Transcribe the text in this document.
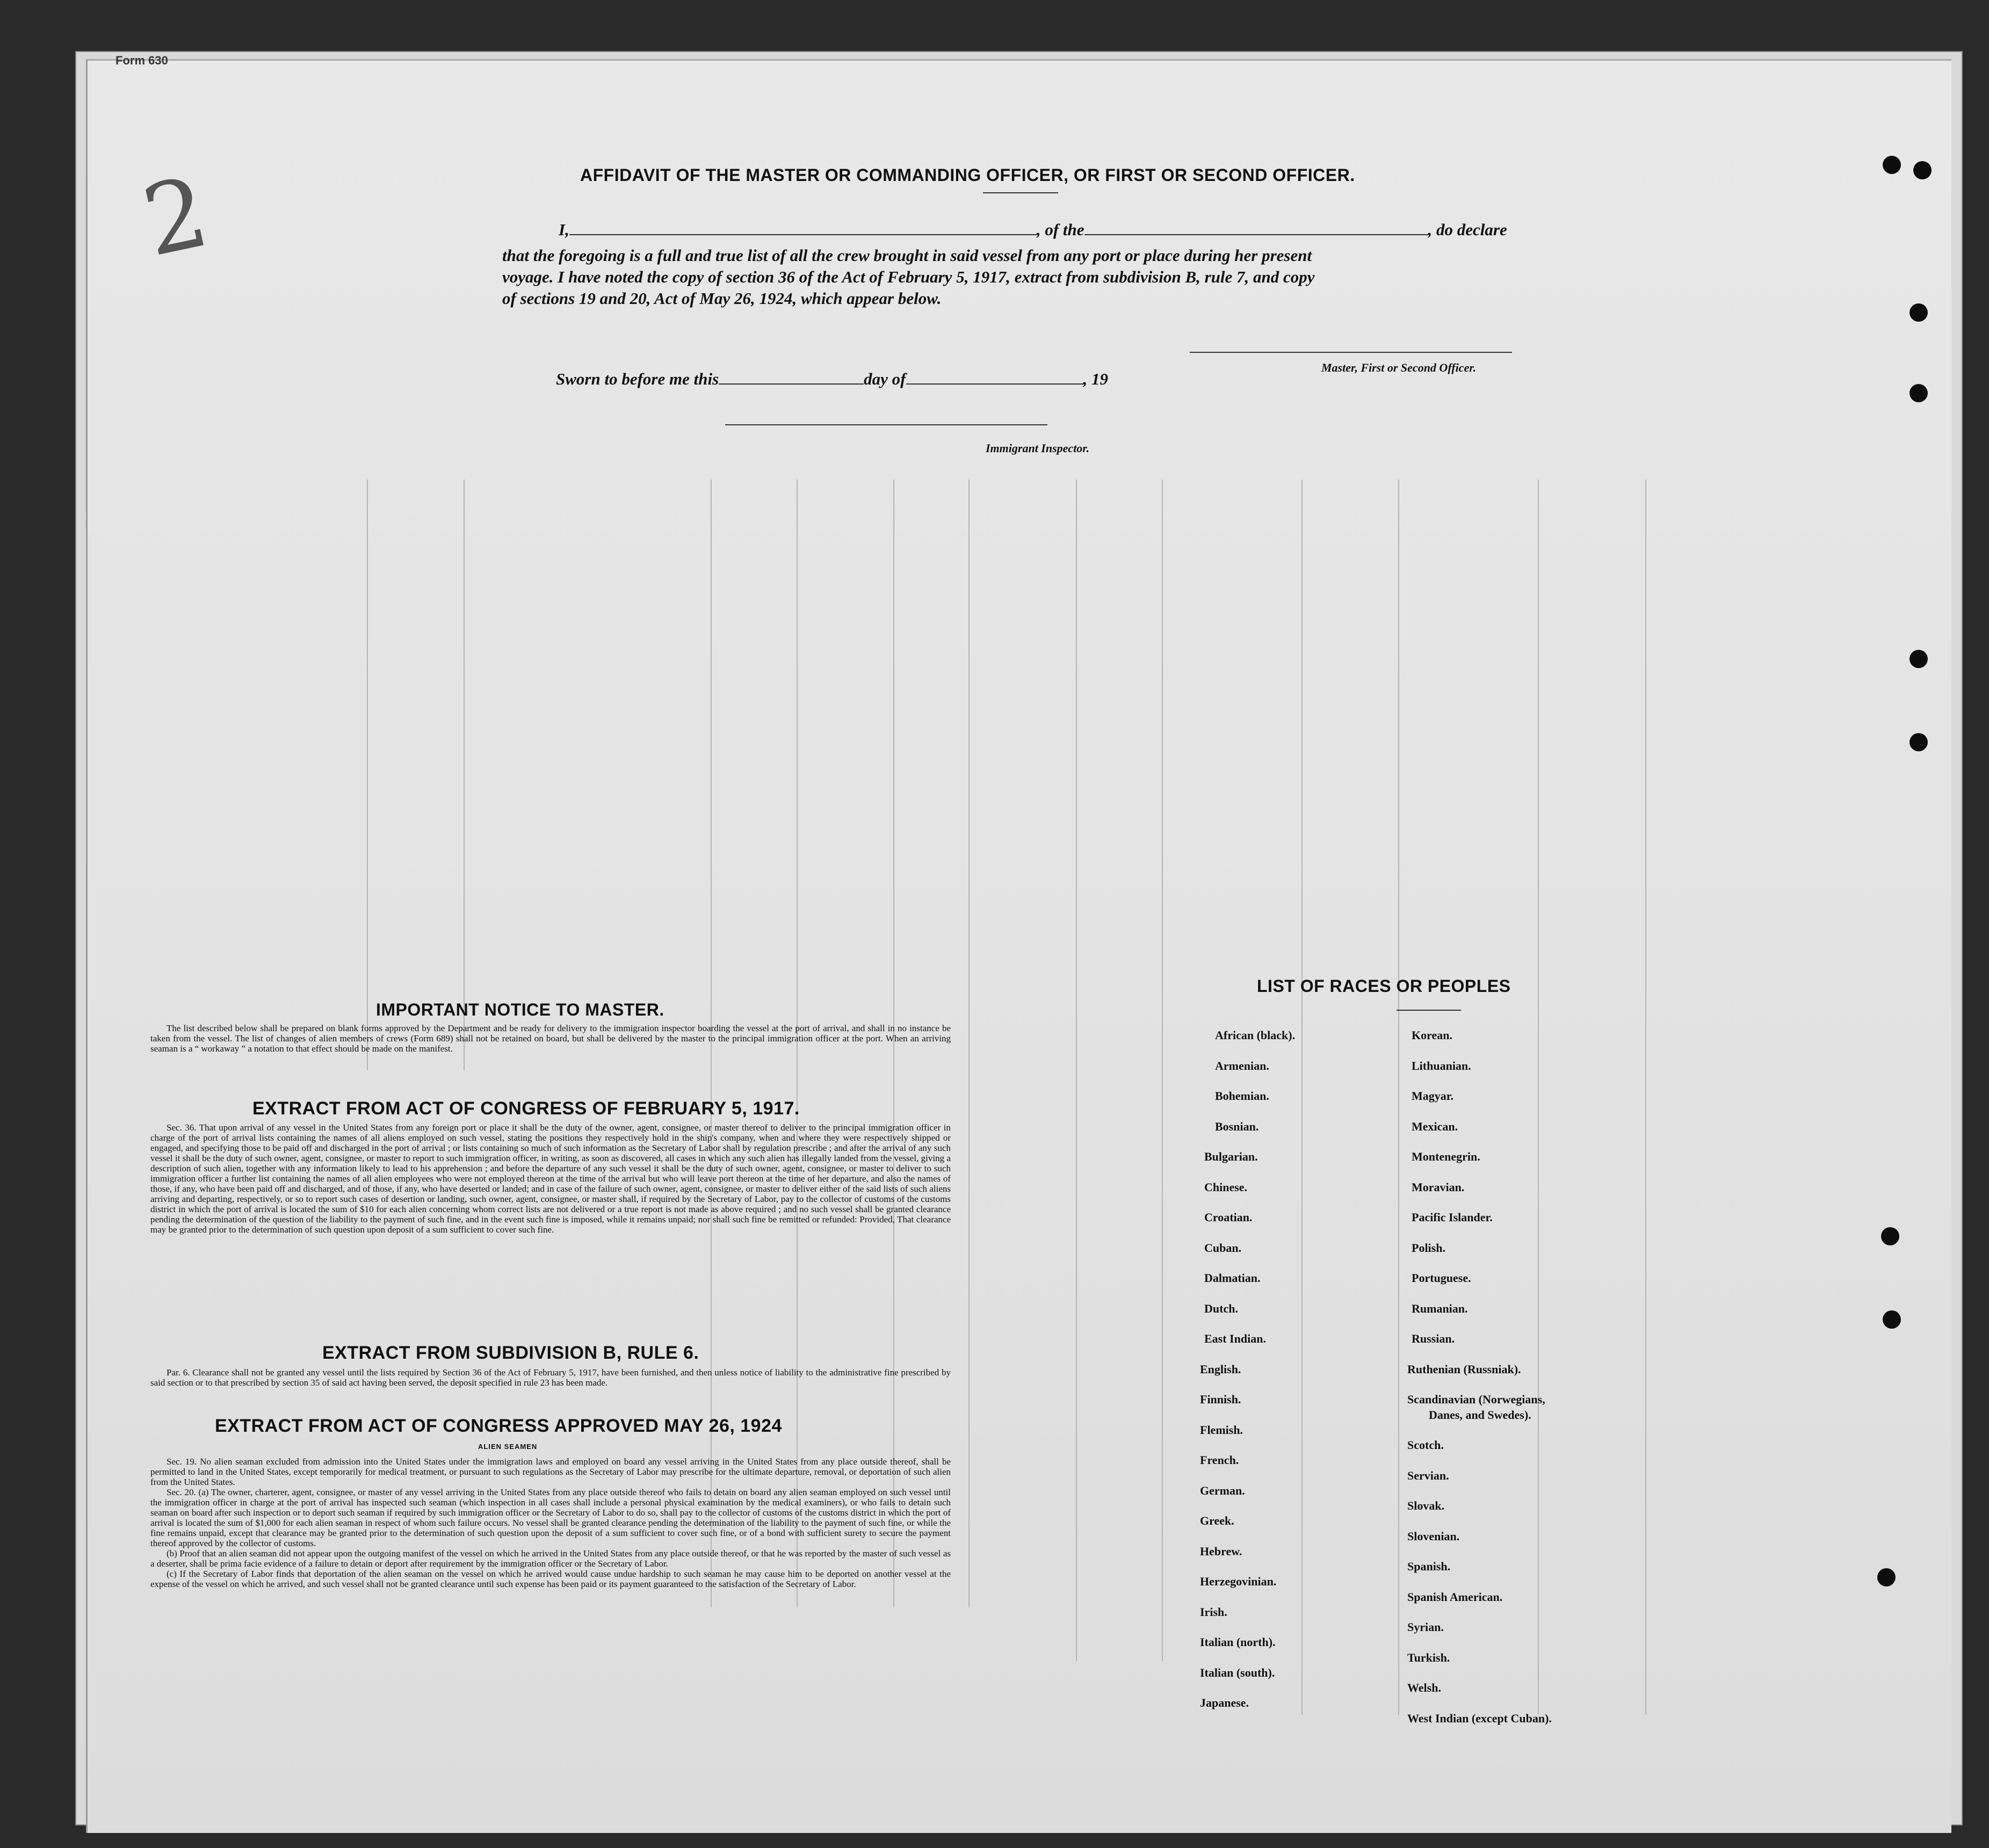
Form 630
2	AFFIDAVIT OF THE MASTER OR COMMANDING OFFICER, OR FIRST OR SECOND OFFICER.
I,	, of the	, do declare
that the foregoing is a full and true list of all the crew brought in said vessel from any port or place during her present
voyage. I have noted the copy of section 36 of the Act of February 5, 1917, extract from subdivision B, rule 7, and copy
of sections 19 and 20, Act of May 26, 1924, which appear below.
Master, First or Second Officer.
Sworn to before me this	day of	, 19
Immigrant Inspector.
IMPORTANT NOTICE TO MASTER.

The list described below shall be prepared on blank forms approved by the Department and be ready for delivery to the immigration inspector boarding the vessel at the port of arrival, and shall in no instance be taken from the vessel. The list of changes of alien members of crews (Form 689) shall not be retained on board, but shall be delivered by the master to the principal immigration officer at the port. When an arriving seaman is a “ workaway ” a notation to that effect should be made on the manifest.

EXTRACT FROM ACT OF CONGRESS OF FEBRUARY 5, 1917.

Sec. 36. That upon arrival of any vessel in the United States from any foreign port or place it shall be the duty of the owner, agent, consignee, or master thereof to deliver to the principal immigration officer in charge of the port of arrival lists containing the names of all aliens employed on such vessel, stating the positions they respectively hold in the ship's company, when and where they were respectively shipped or engaged, and specifying those to be paid off and discharged in the port of arrival ; or lists containing so much of such information as the Secretary of Labor shall by regulation prescribe ; and after the arrival of any such vessel it shall be the duty of such owner, agent, consignee, or master to report to such immigration officer, in writing, as soon as discovered, all cases in which any such alien has illegally landed from the vessel, giving a description of such alien, together with any information likely to lead to his apprehension ; and before the departure of any such vessel it shall be the duty of such owner, agent, consignee, or master to deliver to such immigration officer a further list containing the names of all alien employees who were not employed thereon at the time of the arrival but who will leave port thereon at the time of her departure, and also the names of those, if any, who have been paid off and discharged, and of those, if any, who have deserted or landed; and in case of the failure of such owner, agent, consignee, or master to deliver either of the said lists of such aliens arriving and departing, respectively, or so to report such cases of desertion or landing, such owner, agent, consignee, or master shall, if required by the Secretary of Labor, pay to the collector of customs of the customs district in which the port of arrival is located the sum of $10 for each alien concerning whom correct lists are not delivered or a true report is not made as above required ; and no such vessel shall be granted clearance pending the determination of the question of the liability to the payment of such fine, and in the event such fine is imposed, while it remains unpaid; nor shall such fine be remitted or refunded: Provided, That clearance may be granted prior to the determination of such question upon deposit of a sum sufficient to cover such fine.

EXTRACT FROM SUBDIVISION B, RULE 6.

Par. 6. Clearance shall not be granted any vessel until the lists required by Section 36 of the Act of February 5, 1917, have been furnished, and then unless notice of liability to the administrative fine prescribed by said section or to that prescribed by section 35 of said act having been served, the deposit specified in rule 23 has been made.

EXTRACT FROM ACT OF CONGRESS APPROVED MAY 26, 1924
ALIEN SEAMEN

Sec. 19. No alien seaman excluded from admission into the United States under the immigration laws and employed on board any vessel arriving in the United States from any place outside thereof, shall be permitted to land in the United States, except temporarily for medical treatment, or pursuant to such regulations as the Secretary of Labor may prescribe for the ultimate departure, removal, or deportation of such alien from the United States.

Sec. 20. (a) The owner, charterer, agent, consignee, or master of any vessel arriving in the United States from any place outside thereof who fails to detain on board any alien seaman employed on such vessel until the immigration officer in charge at the port of arrival has inspected such seaman (which inspection in all cases shall include a personal physical examination by the medical examiners), or who fails to detain such seaman on board after such inspection or to deport such seaman if required by such immigration officer or the Secretary of Labor to do so, shall pay to the collector of customs of the customs district in which the port of arrival is located the sum of $1,000 for each alien seaman in respect of whom such failure occurs. No vessel shall be granted clearance pending the determination of the liability to the payment of such fine, or while the fine remains unpaid, except that clearance may be granted prior to the determination of such question upon the deposit of a sum sufficient to cover such fine, or of a bond with sufficient surety to secure the payment thereof approved by the collector of customs.

(b) Proof that an alien seaman did not appear upon the outgoing manifest of the vessel on which he arrived in the United States from any place outside thereof, or that he was reported by the master of such vessel as a deserter, shall be prima facie evidence of a failure to detain or deport after requirement by the immigration officer or the Secretary of Labor.

(c) If the Secretary of Labor finds that deportation of the alien seaman on the vessel on which he arrived would cause undue hardship to such seaman he may cause him to be deported on another vessel at the expense of the vessel on which he arrived, and such vessel shall not be granted clearance until such expense has been paid or its payment guaranteed to the satisfaction of the Secretary of Labor.

LIST OF RACES OR PEOPLES
African (black).
Armenian.
Bohemian.
Bosnian.
Bulgarian.
Chinese.
Croatian.
Cuban.
Dalmatian.
Dutch.
East Indian.
English.
Finnish.
Flemish.
French.
German.
Greek.
Hebrew.
Herzegovinian.
Irish.
Italian (north).
Italian (south).
Japanese.
Korean.
Lithuanian.
Magyar.
Mexican.
Montenegrin.
Moravian.
Pacific Islander.
Polish.
Portuguese.
Rumanian.
Russian.
Ruthenian (Russniak).
Scandinavian (Norwegians,
Danes, and Swedes).
Scotch.
Servian.
Slovak.
Slovenian.
Spanish.
Spanish American.
Syrian.
Turkish.
Welsh.
West Indian (except Cuban).
